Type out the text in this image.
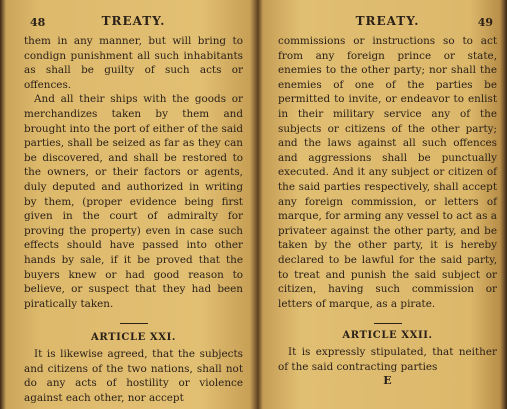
48	TREATY.

them in any manner, but will bring to condign punishment all such inhabitants as shall be guilty of such acts or offences.

And all their ships with the goods or merchandizes taken by them and brought into the port of either of the said parties, shall be seized as far as they can be discovered, and shall be restored to the owners, or their factors or agents, duly deputed and authorized in writing by them, (proper evidence being first given in the court of admiralty for proving the property) even in case such effects should have passed into other hands by sale, if it be proved that the buyers knew or had good reason to believe, or suspect that they had been piratically taken.

ARTICLE XXI.

It is likewise agreed, that the subjects and citizens of the two nations, shall not do any acts of hostility or violence against each other, nor accept

TREATY.	49

commissions or instructions so to act from any foreign prince or state, enemies to the other party; nor shall the enemies of one of the parties be permitted to invite, or endeavor to enlist in their military service any of the subjects or citizens of the other party; and the laws against all such offences and aggressions shall be punctually executed. And it any subject or citizen of the said parties respectively, shall accept any foreign commission, or letters of marque, for arming any vessel to act as a privateer against the other party, and be taken by the other party, it is hereby declared to be lawful for the said party, to treat and punish the said subject or citizen, having such commission or letters of marque, as a pirate.

ARTICLE XXII.

It is expressly stipulated, that neither of the said contracting parties

E
